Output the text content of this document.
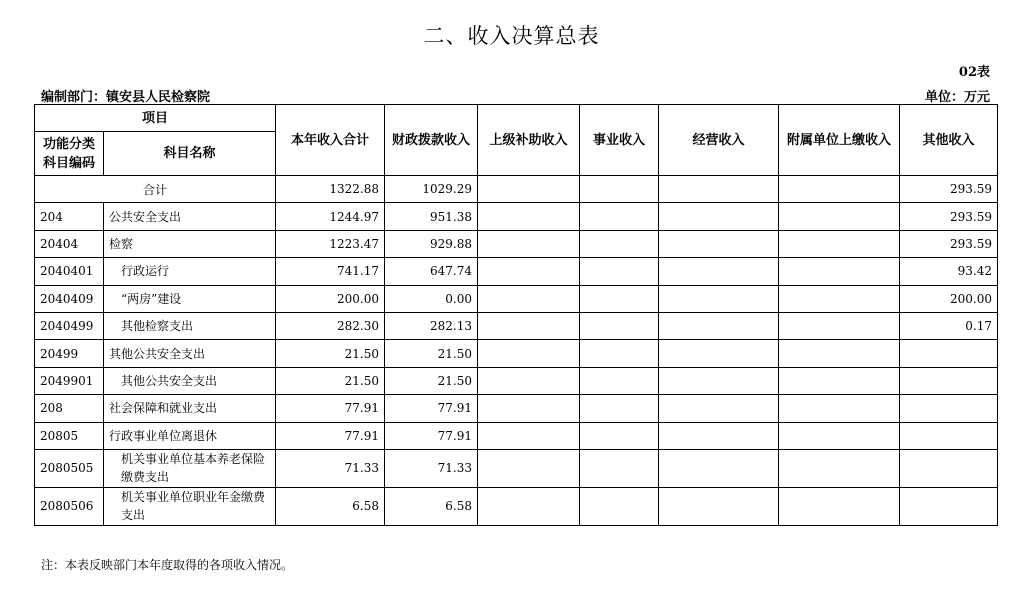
二、收入决算总表
02表
编制部门：镇安县人民检察院	单位：万元
项目		本年收入合计	财政拨款收入	上级补助收入	事业收入	经营收入	附属单位上缴收入	其他收入
功能分类
科目编码	科目名称							
合计		1322.88	1029.29					293.59
204	公共安全支出	1244.97	951.38					293.59
20404	检察	1223.47	929.88					293.59
2040401	行政运行	741.17	647.74					93.42
2040409	“两房”建设	200.00	0.00					200.00
2040499	其他检察支出	282.30	282.13					0.17
20499	其他公共安全支出	21.50	21.50					
2049901	其他公共安全支出	21.50	21.50					
208	社会保障和就业支出	77.91	77.91					
20805	行政事业单位离退休	77.91	77.91					
2080505	机关事业单位基本养老保险缴费支出	71.33	71.33					
2080506	机关事业单位职业年金缴费支出	6.58	6.58					
注：本表反映部门本年度取得的各项收入情况。
